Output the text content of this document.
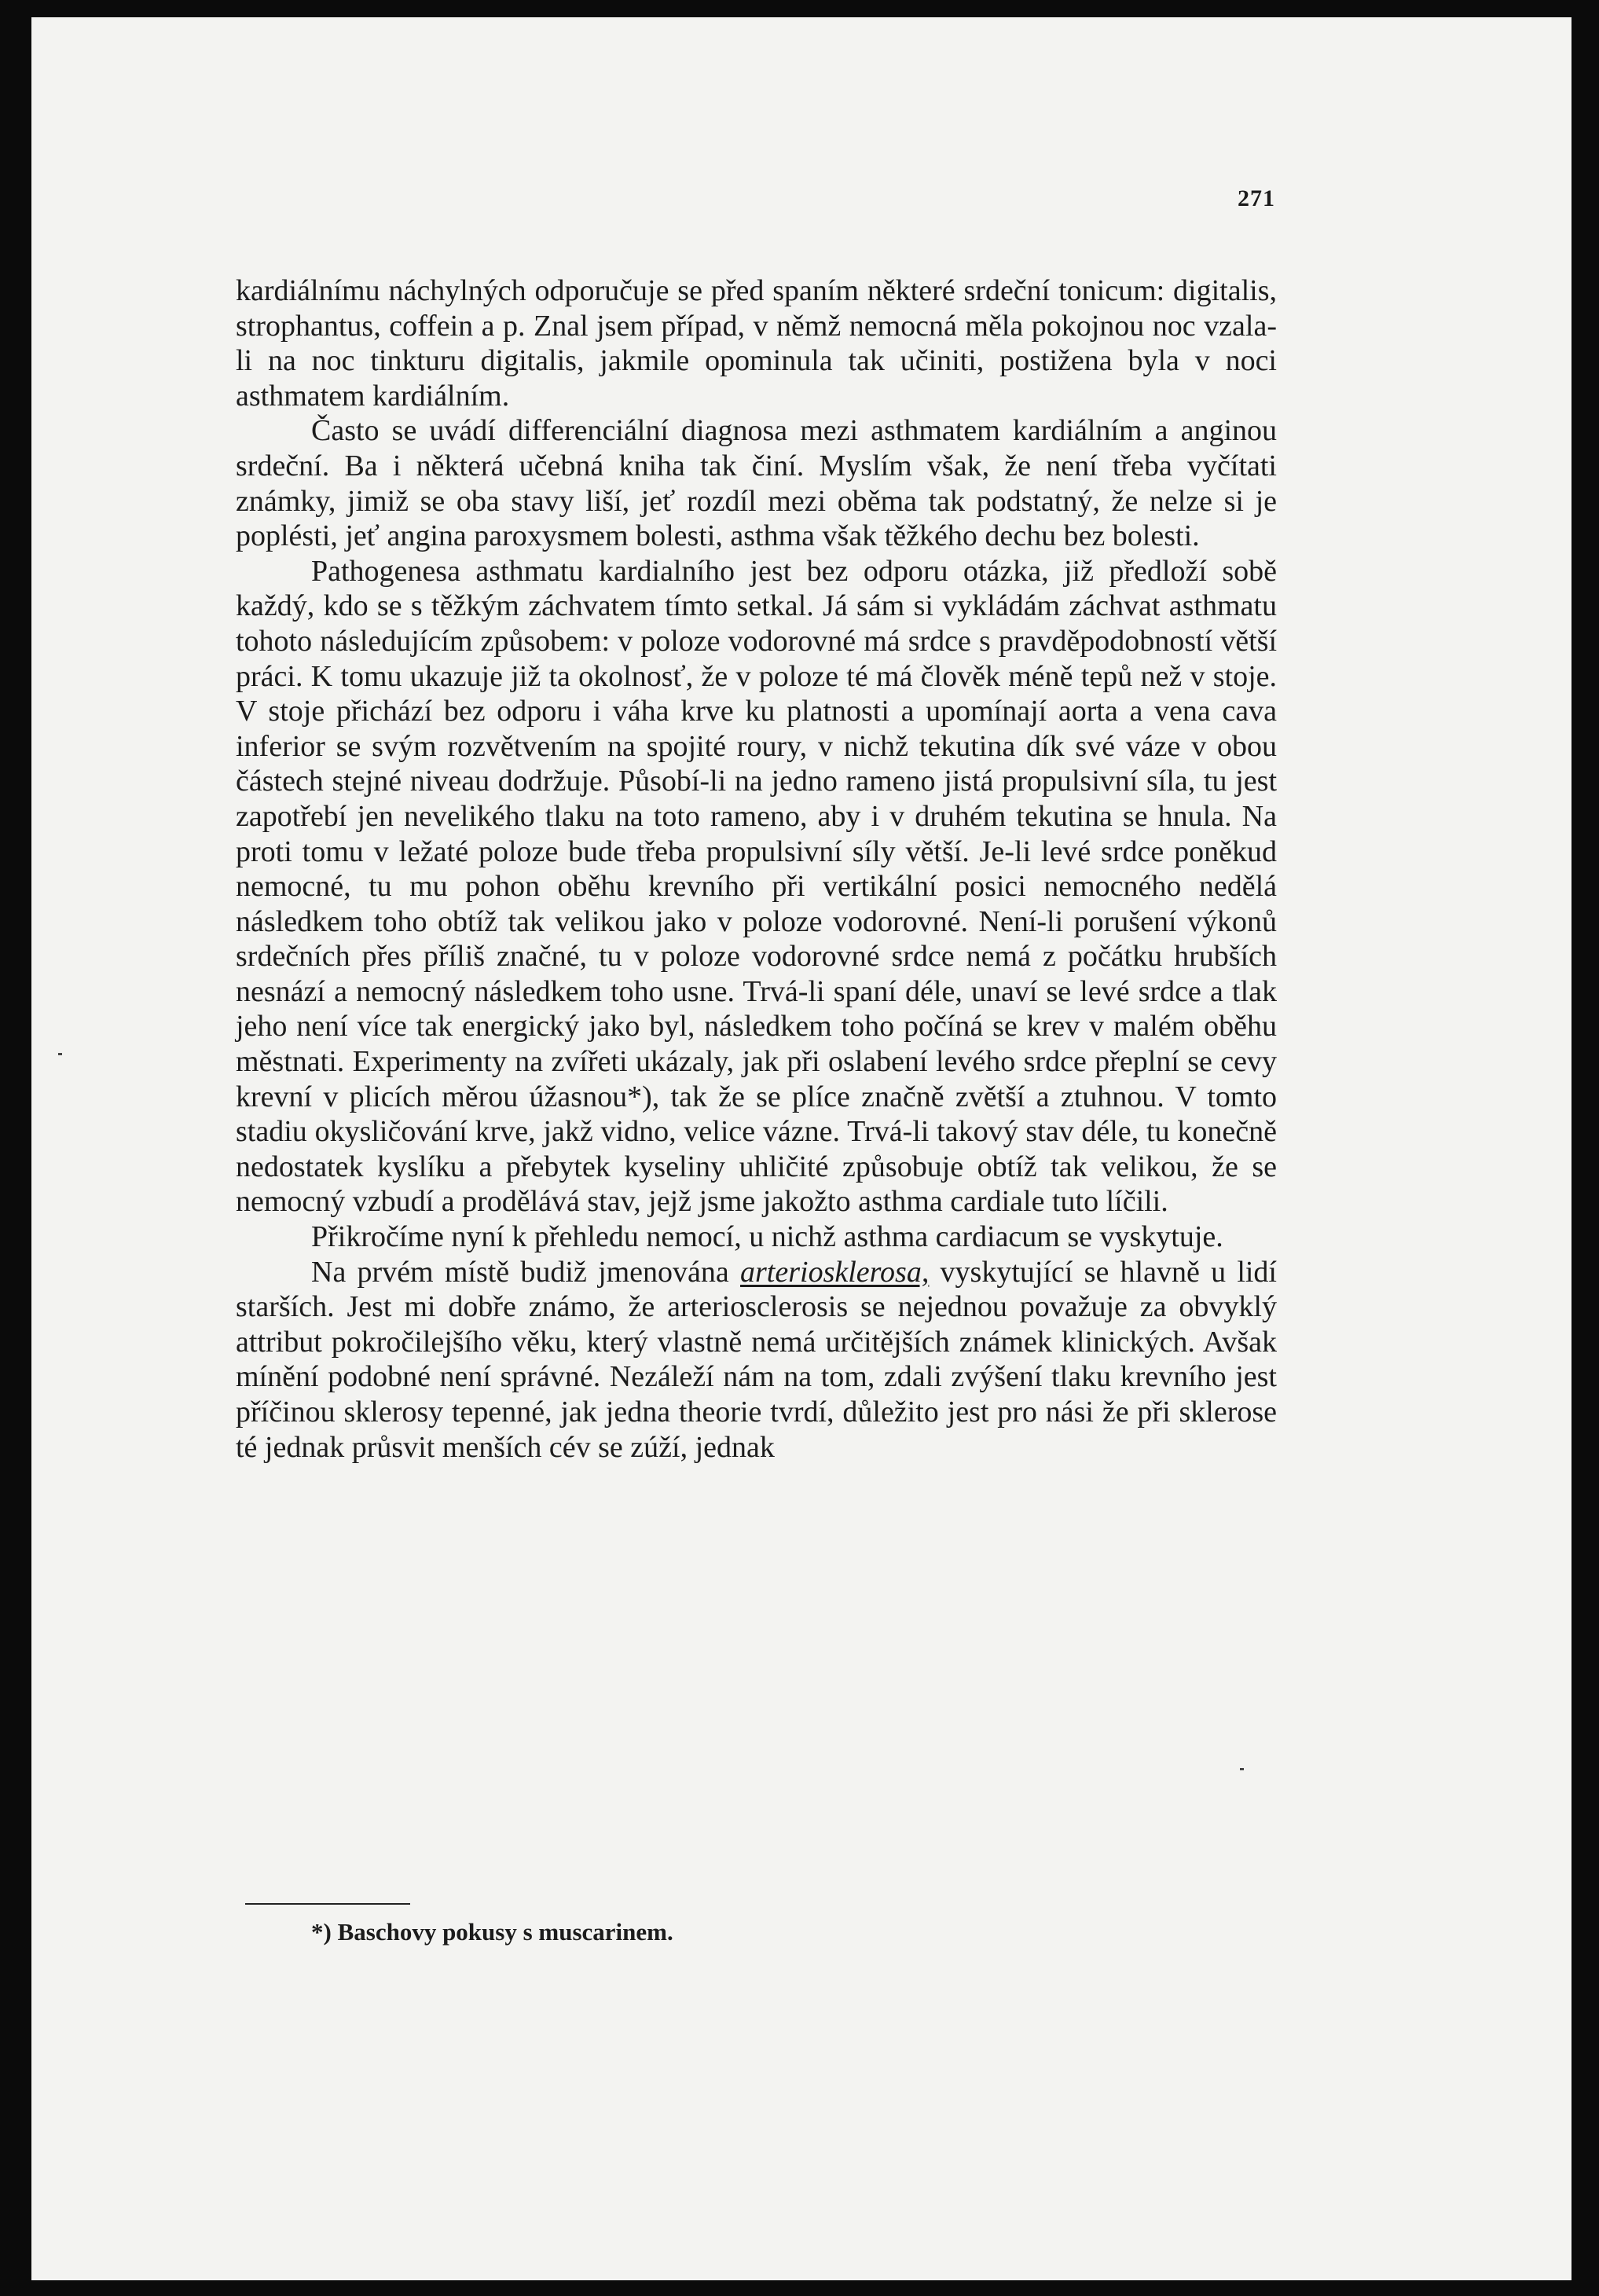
271

kardiálnímu náchylných odporučuje se před spaním některé srdeční tonicum: digitalis, strophantus, coffein a p. Znal jsem případ, v němž nemocná měla pokojnou noc vzala-li na noc tinkturu digitalis, jakmile opominula tak učiniti, postižena byla v noci asthmatem kardiálním.

Často se uvádí differenciální diagnosa mezi asthmatem kardiálním a anginou srdeční. Ba i některá učebná kniha tak činí. Myslím však, že není třeba vyčítati známky, jimiž se oba stavy liší, jeť rozdíl mezi oběma tak podstatný, že nelze si je poplésti, jeť angina paroxysmem bolesti, asthma však těžkého dechu bez bolesti.

Pathogenesa asthmatu kardialního jest bez odporu otázka, již předloží sobě každý, kdo se s těžkým záchvatem tímto setkal. Já sám si vykládám záchvat asthmatu tohoto následujícím způsobem: v poloze vodorovné má srdce s pravděpodobností větší práci. K tomu ukazuje již ta okolnosť, že v poloze té má člověk méně tepů než v stoje. V stoje přichází bez odporu i váha krve ku platnosti a upomínají aorta a vena cava inferior se svým rozvětvením na spojité roury, v nichž tekutina dík své váze v obou částech stejné niveau dodržuje. Působí-li na jedno rameno jistá propulsivní síla, tu jest zapotřebí jen nevelikého tlaku na toto rameno, aby i v druhém tekutina se hnula. Na proti tomu v ležaté poloze bude třeba propulsivní síly větší. Je-li levé srdce poněkud nemocné, tu mu pohon oběhu krevního při vertikální posici nemocného nedělá následkem toho obtíž tak velikou jako v poloze vodorovné. Není-li porušení výkonů srdečních přes příliš značné, tu v poloze vodorovné srdce nemá z počátku hrubších nesnází a nemocný následkem toho usne. Trvá-li spaní déle, unaví se levé srdce a tlak jeho není více tak energický jako byl, následkem toho počíná se krev v malém oběhu městnati. Experimenty na zvířeti ukázaly, jak při oslabení levého srdce přeplní se cevy krevní v plicích měrou úžasnou*), tak že se plíce značně zvětší a ztuhnou. V tomto stadiu okysličování krve, jakž vidno, velice vázne. Trvá-li takový stav déle, tu konečně nedostatek kyslíku a přebytek kyseliny uhličité způsobuje obtíž tak velikou, že se nemocný vzbudí a prodělává stav, jejž jsme jakožto asthma cardiale tuto líčili.

Přikročíme nyní k přehledu nemocí, u nichž asthma cardiacum se vyskytuje.

Na prvém místě budiž jmenována arteriosklerosa, vyskytující se hlavně u lidí starších. Jest mi dobře známo, že arteriosclerosis se nejednou považuje za obvyklý attribut pokročilejšího věku, který vlastně nemá určitějších známek klinických. Avšak mínění podobné není správné. Nezáleží nám na tom, zdali zvýšení tlaku krevního jest příčinou sklerosy tepenné, jak jedna theorie tvrdí, důležito jest pro nási že při sklerose té jednak průsvit menších cév se zúží, jednak

*) Baschovy pokusy s muscarinem.
